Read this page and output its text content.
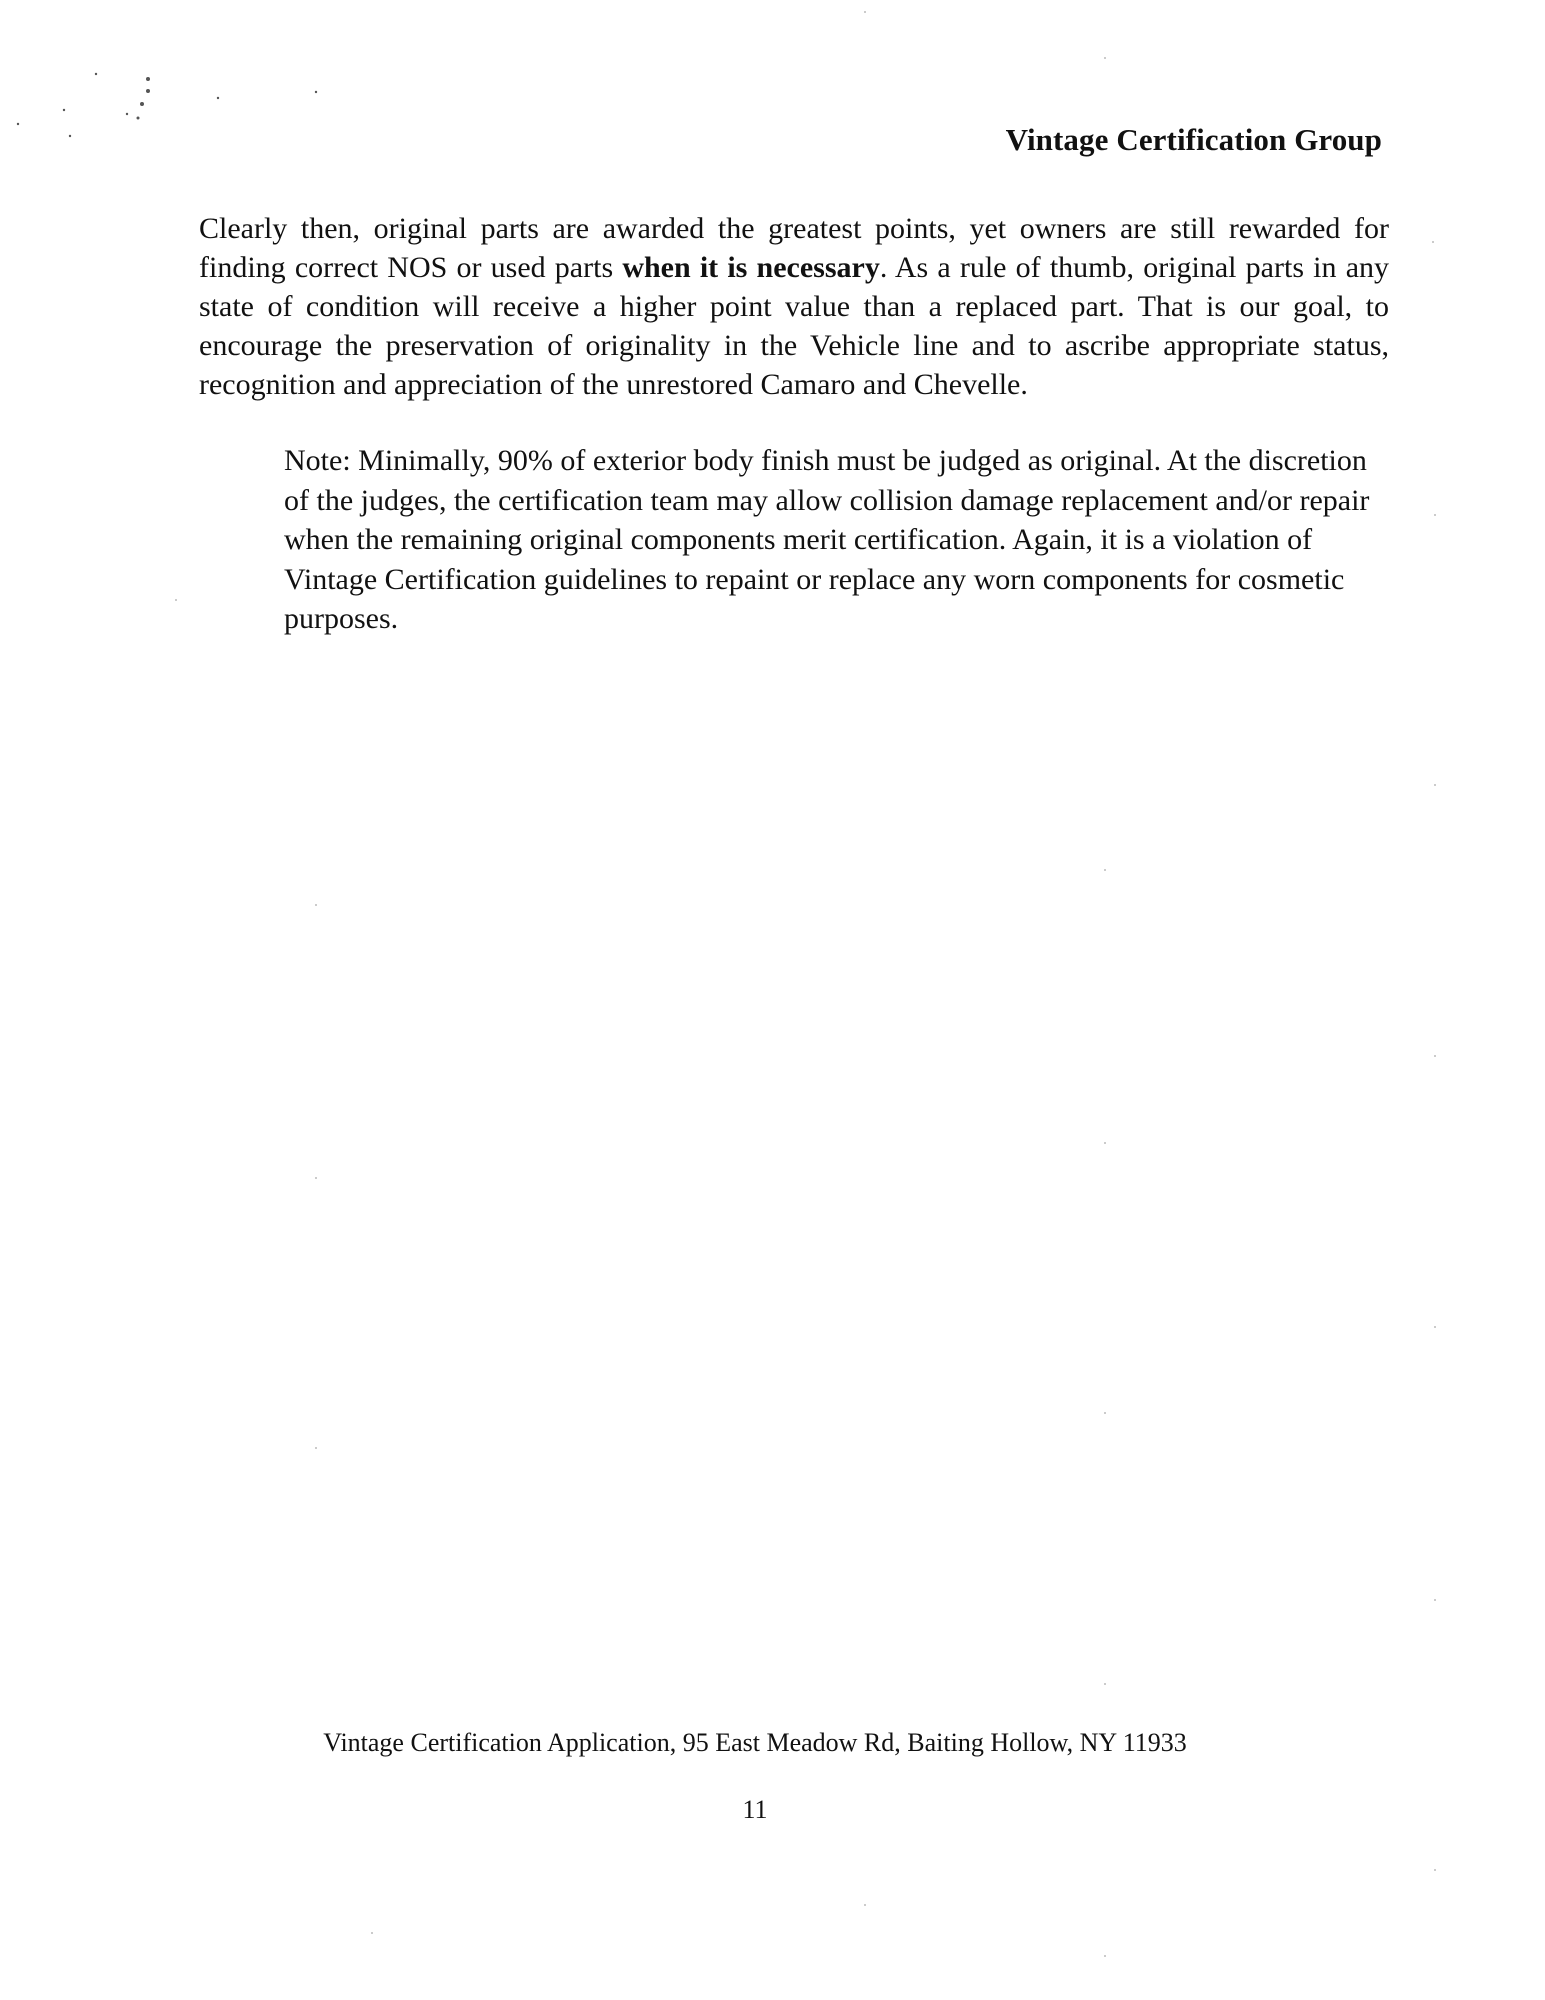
Vintage Certification Group

Clearly then, original parts are awarded the greatest points, yet owners are still rewarded for finding correct NOS or used parts when it is necessary. As a rule of thumb, original parts in any state of condition will receive a higher point value than a replaced part. That is our goal, to encourage the preservation of originality in the Vehicle line and to ascribe appropriate status, recognition and appreciation of the unrestored Camaro and Chevelle.

Note: Minimally, 90% of exterior body finish must be judged as original. At the discretion of the judges, the certification team may allow collision damage replacement and/or repair when the remaining original components merit certification. Again, it is a violation of Vintage Certification guidelines to repaint or replace any worn components for cosmetic purposes.

Vintage Certification Application, 95 East Meadow Rd, Baiting Hollow, NY 11933
11
